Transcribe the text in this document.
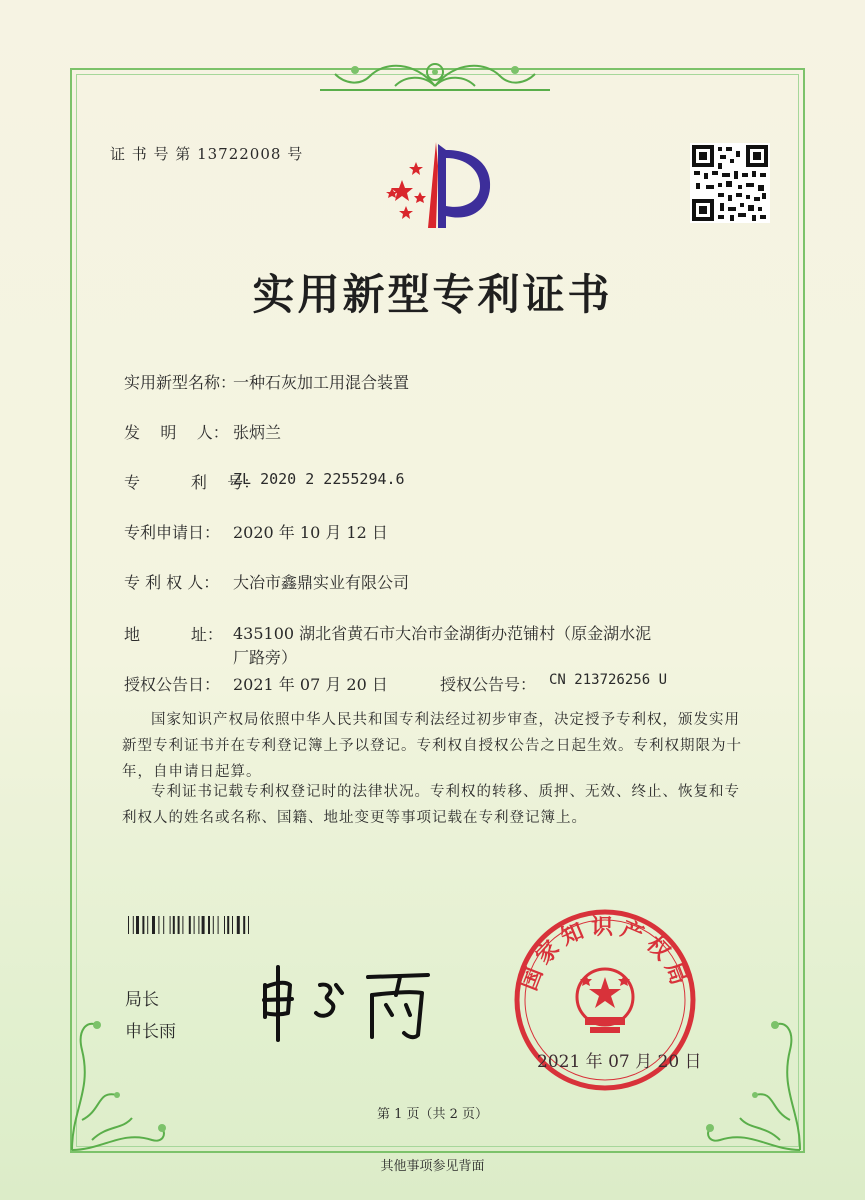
证 书 号 第 13722008 号
实用新型专利证书
实用新型名称：
一种石灰加工用混合装置
发    明    人： 张炳兰
专          利    号：
ZL 2020 2 2255294.6
专利申请日： 2020 年 10 月 12 日
专 利 权 人： 大冶市鑫鼎实业有限公司
地          址： 435100 湖北省黄石市大冶市金湖街办范铺村（原金湖水泥厂路旁）
授权公告日： 2021 年 07 月 20 日	授权公告号： CN 213726256 U
国家知识产权局依照中华人民共和国专利法经过初步审查，决定授予专利权，颁发实用新型专利证书并在专利登记簿上予以登记。专利权自授权公告之日起生效。专利权期限为十年，自申请日起算。
专利证书记载专利权登记时的法律状况。专利权的转移、质押、无效、终止、恢复和专利权人的姓名或名称、国籍、地址变更等事项记载在专利登记簿上。
局长
申长雨
国家知识产权局
2021 年 07 月 20 日
第 1 页（共 2 页）
其他事项参见背面
